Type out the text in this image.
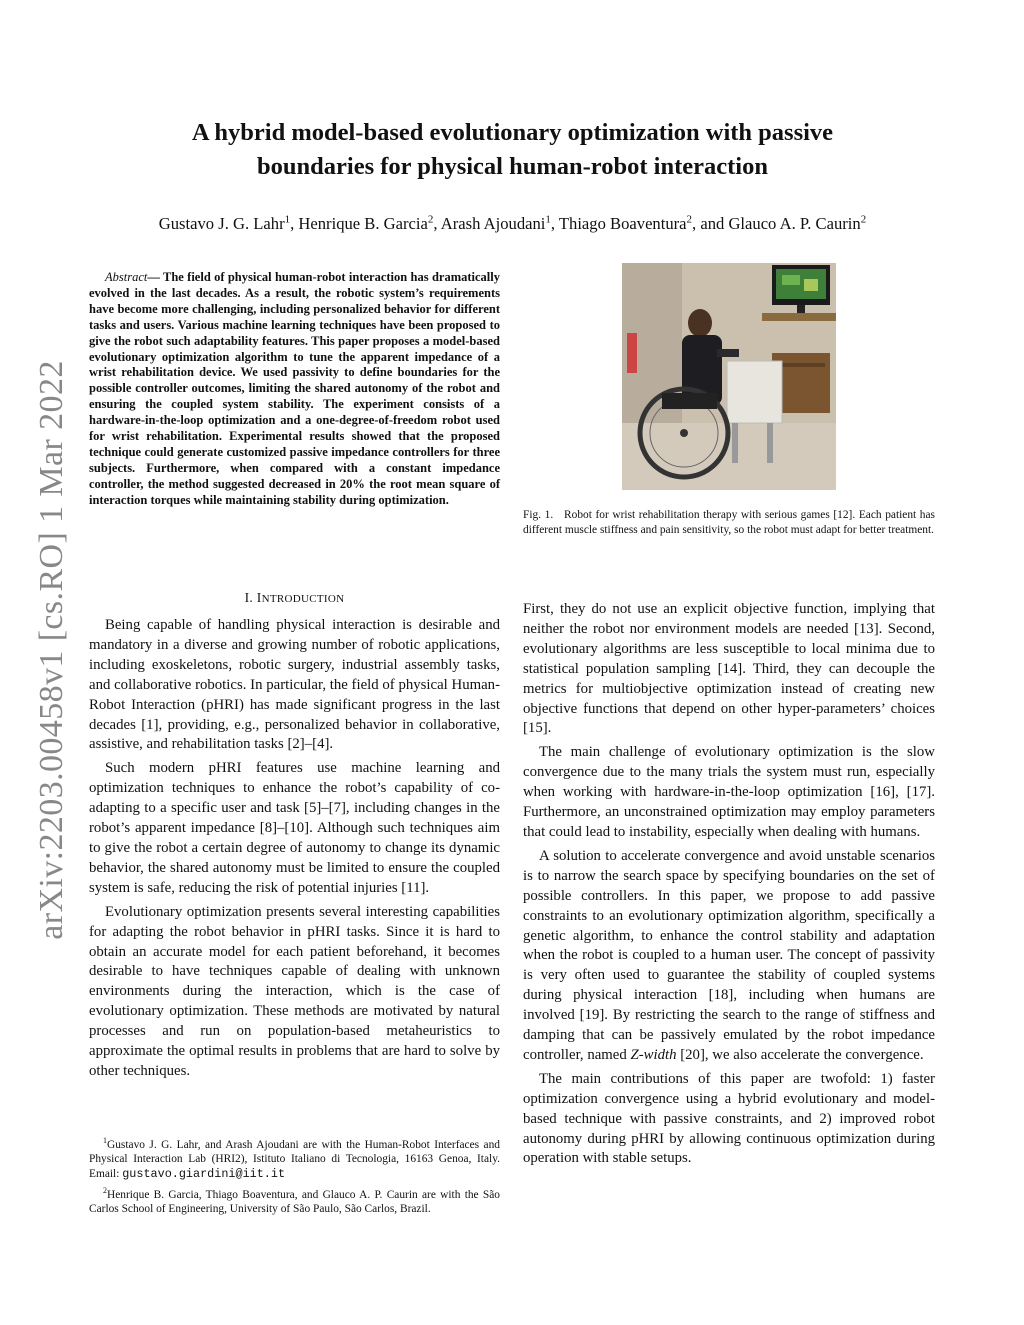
arXiv:2203.00458v1 [cs.RO] 1 Mar 2022
A hybrid model-based evolutionary optimization with passive
boundaries for physical human-robot interaction
Gustavo J. G. Lahr$^1$, Henrique B. Garcia$^2$, Arash Ajoudani$^1$, Thiago Boaventura$^2$, and Glauco A. P. Caurin$^2$
Abstract— The field of physical human-robot interaction has dramatically evolved in the last decades. As a result, the robotic system’s requirements have become more challenging, including personalized behavior for different tasks and users. Various machine learning techniques have been proposed to give the robot such adaptability features. This paper proposes a model-based evolutionary optimization algorithm to tune the apparent impedance of a wrist rehabilitation device. We used passivity to define boundaries for the possible controller outcomes, limiting the shared autonomy of the robot and ensuring the coupled system stability. The experiment consists of a hardware-in-the-loop optimization and a one-degree-of-freedom robot used for wrist rehabilitation. Experimental results showed that the proposed technique could generate customized passive impedance controllers for three subjects. Furthermore, when compared with a constant impedance controller, the method suggested decreased in 20% the root mean square of interaction torques while maintaining stability during optimization.
I. INTRODUCTION

Being capable of handling physical interaction is desirable and mandatory in a diverse and growing number of robotic applications, including exoskeletons, robotic surgery, industrial assembly tasks, and collaborative robotics. In particular, the field of physical Human-Robot Interaction (pHRI) has made significant progress in the last decades [1], providing, e.g., personalized behavior in collaborative, assistive, and rehabilitation tasks [2]–[4].

Such modern pHRI features use machine learning and optimization techniques to enhance the robot’s capability of co-adapting to a specific user and task [5]–[7], including changes in the robot’s apparent impedance [8]–[10]. Although such techniques aim to give the robot a certain degree of autonomy to change its dynamic behavior, the shared autonomy must be limited to ensure the coupled system is safe, reducing the risk of potential injuries [11].

Evolutionary optimization presents several interesting capabilities for adapting the robot behavior in pHRI tasks. Since it is hard to obtain an accurate model for each patient beforehand, it becomes desirable to have techniques capable of dealing with unknown environments during the interaction, which is the case of evolutionary optimization. These methods are motivated by natural processes and run on population-based metaheuristics to approximate the optimal results in problems that are hard to solve by other techniques.

$^1$Gustavo J. G. Lahr, and Arash Ajoudani are with the Human-Robot Interfaces and Physical Interaction Lab (HRI2), Istituto Italiano di Tecnologia, 16163 Genoa, Italy. Email: gustavo.giardini@iit.it

$^2$Henrique B. Garcia, Thiago Boaventura, and Glauco A. P. Caurin are with the São Carlos School of Engineering, University of São Paulo, São Carlos, Brazil.

Fig. 1. Robot for wrist rehabilitation therapy with serious games [12]. Each patient has different muscle stiffness and pain sensitivity, so the robot must adapt for better treatment.

First, they do not use an explicit objective function, implying that neither the robot nor environment models are needed [13]. Second, evolutionary algorithms are less susceptible to local minima due to statistical population sampling [14]. Third, they can decouple the metrics for multiobjective optimization instead of creating new objective functions that depend on other hyper-parameters’ choices [15].

The main challenge of evolutionary optimization is the slow convergence due to the many trials the system must run, especially when working with hardware-in-the-loop optimization [16], [17]. Furthermore, an unconstrained optimization may employ parameters that could lead to instability, especially when dealing with humans.

A solution to accelerate convergence and avoid unstable scenarios is to narrow the search space by specifying boundaries on the set of possible controllers. In this paper, we propose to add passive constraints to an evolutionary optimization algorithm, specifically a genetic algorithm, to enhance the control stability and adaptation when the robot is coupled to a human user. The concept of passivity is very often used to guarantee the stability of coupled systems during physical interaction [18], including when humans are involved [19]. By restricting the search to the range of stiffness and damping that can be passively emulated by the robot impedance controller, named Z-width [20], we also accelerate the convergence.

The main contributions of this paper are twofold: 1) faster optimization convergence using a hybrid evolutionary and model-based technique with passive constraints, and 2) improved robot autonomy during pHRI by allowing continuous optimization during operation with stable setups.
